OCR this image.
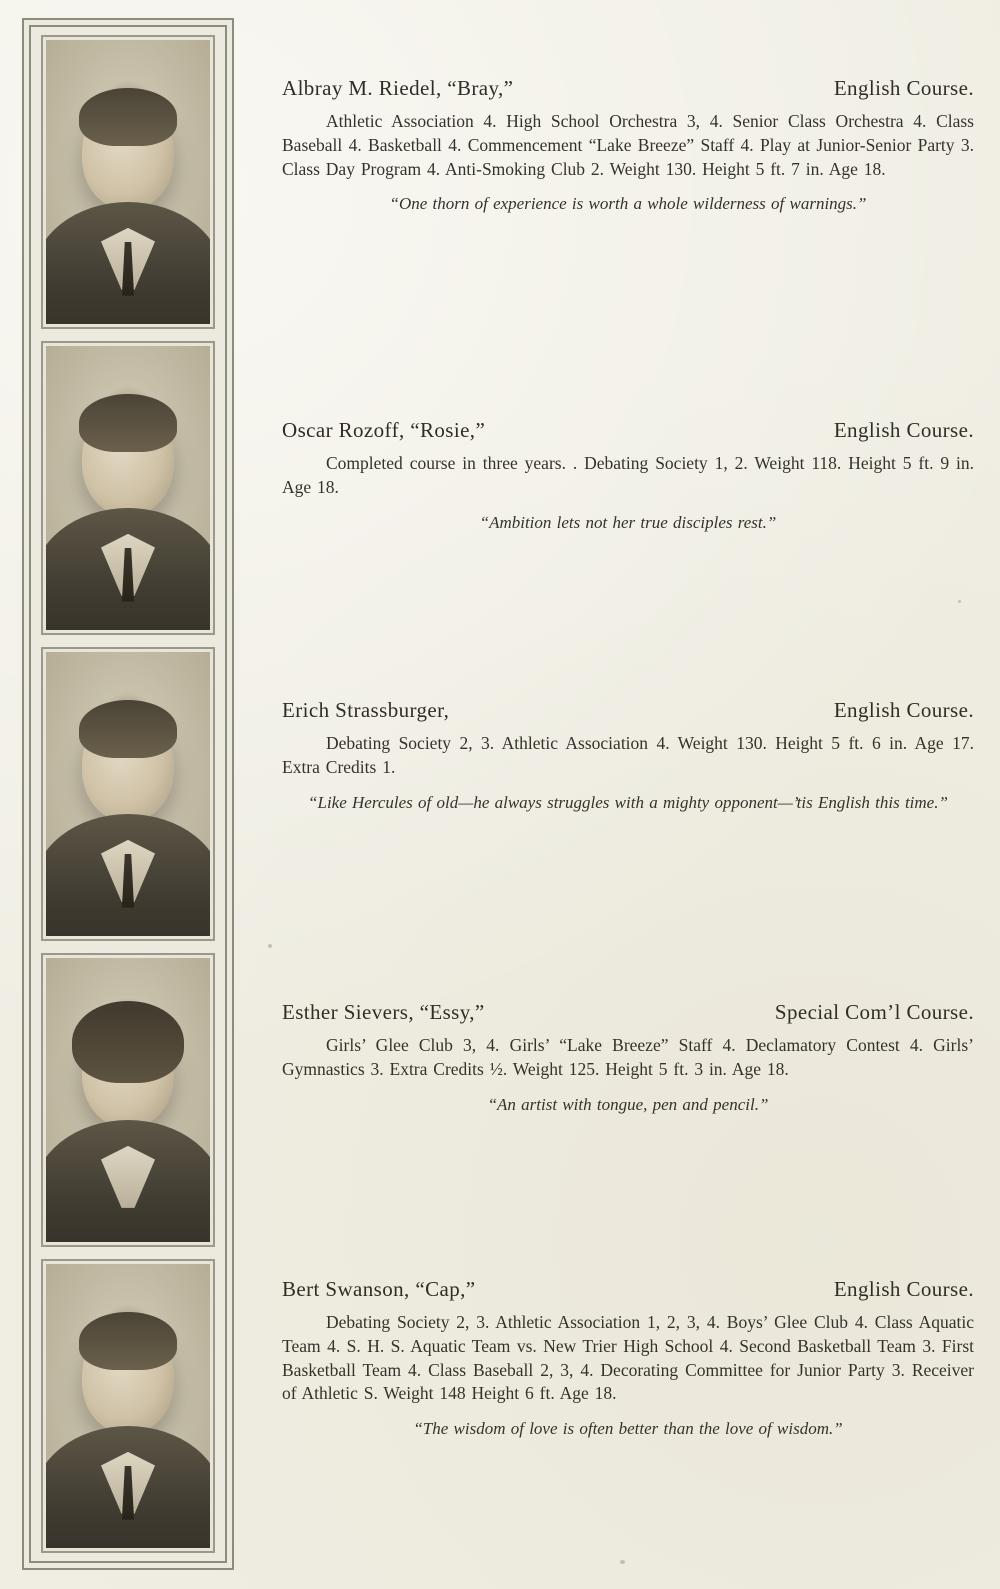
Albray M. Riedel, “Bray,”	English Course.
Athletic Association 4. High School Orchestra 3, 4. Senior Class Orchestra 4. Class Baseball 4. Basketball 4. Commencement “Lake Breeze” Staff 4. Play at Junior-Senior Party 3. Class Day Program 4. Anti-Smoking Club 2. Weight 130. Height 5 ft. 7 in. Age 18.
“One thorn of experience is worth a whole wilderness of warnings.”
Oscar Rozoff, “Rosie,”	English Course.
Completed course in three years. . Debating Society 1, 2. Weight 118. Height 5 ft. 9 in. Age 18.
“Ambition lets not her true disciples rest.”
Erich Strassburger,	English Course.
Debating Society 2, 3. Athletic Association 4. Weight 130. Height 5 ft. 6 in. Age 17. Extra Credits 1.
“Like Hercules of old—he always struggles with a mighty opponent—’tis English this time.”
Esther Sievers, “Essy,”	Special Com’l Course.
Girls’ Glee Club 3, 4. Girls’ “Lake Breeze” Staff 4. Declamatory Contest 4. Girls’ Gymnastics 3. Extra Credits ½. Weight 125. Height 5 ft. 3 in. Age 18.
“An artist with tongue, pen and pencil.”
Bert Swanson, “Cap,”	English Course.
Debating Society 2, 3. Athletic Association 1, 2, 3, 4. Boys’ Glee Club 4. Class Aquatic Team 4. S. H. S. Aquatic Team vs. New Trier High School 4. Second Basketball Team 3. First Basketball Team 4. Class Baseball 2, 3, 4. Decorating Committee for Junior Party 3. Receiver of Athletic S. Weight 148 Height 6 ft. Age 18.
“The wisdom of love is often better than the love of wisdom.”
